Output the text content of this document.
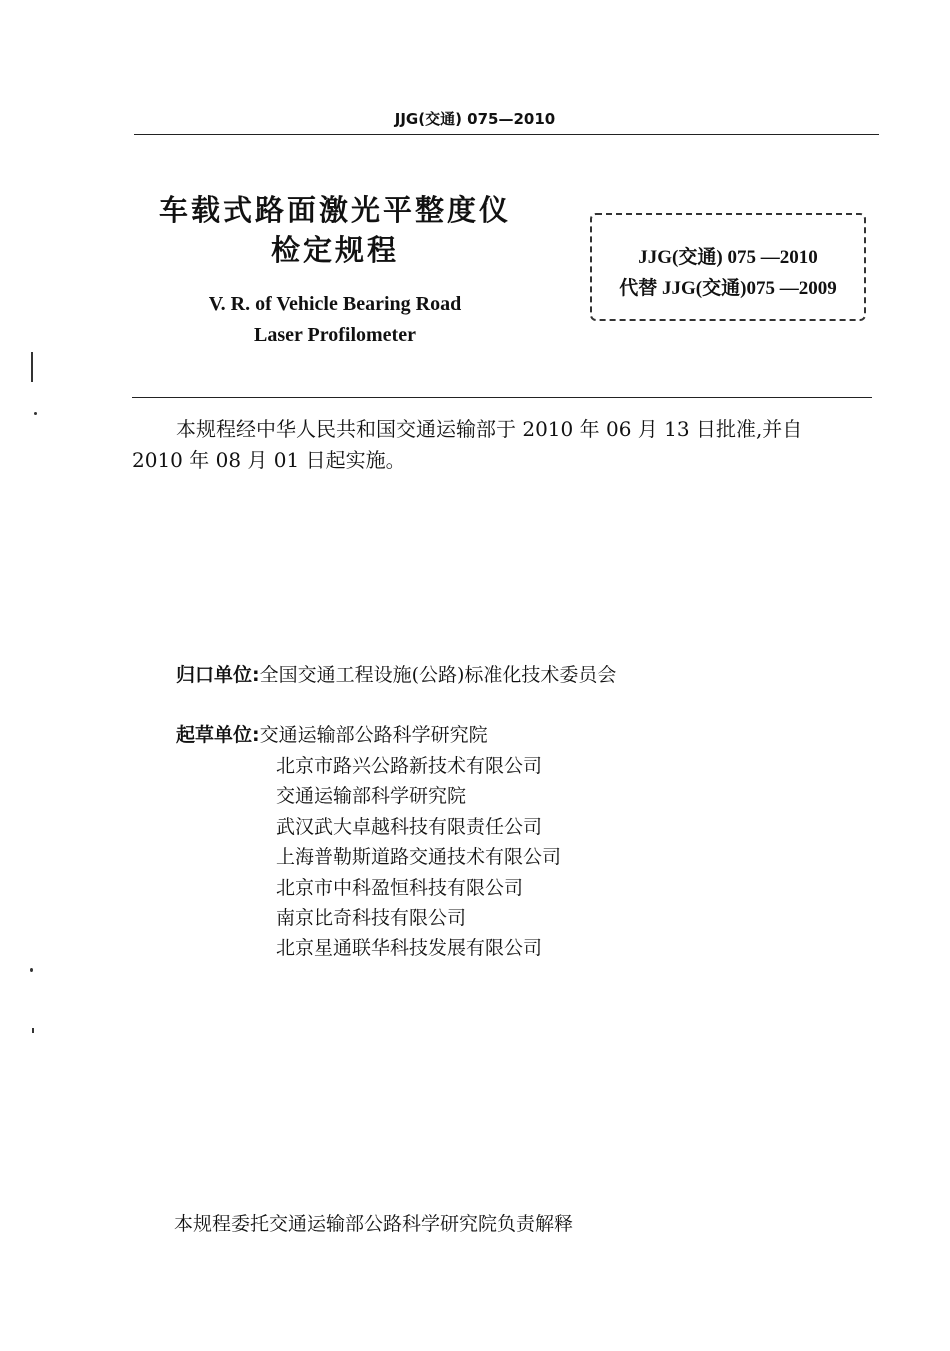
JJG(交通) 075—2010
车载式路面激光平整度仪
检定规程
V. R. of Vehicle Bearing Road
Laser Profilometer
JJG(交通) 075 —2010
代替 JJG(交通)075 —2009
本规程经中华人民共和国交通运输部于 2010 年 06 月 13 日批准,并自
2010 年 08 月 01 日起实施。
归口单位:全国交通工程设施(公路)标准化技术委员会
起草单位:交通运输部公路科学研究院
北京市路兴公路新技术有限公司
交通运输部科学研究院
武汉武大卓越科技有限责任公司
上海普勒斯道路交通技术有限公司
北京市中科盈恒科技有限公司
南京比奇科技有限公司
北京星通联华科技发展有限公司
本规程委托交通运输部公路科学研究院负责解释
